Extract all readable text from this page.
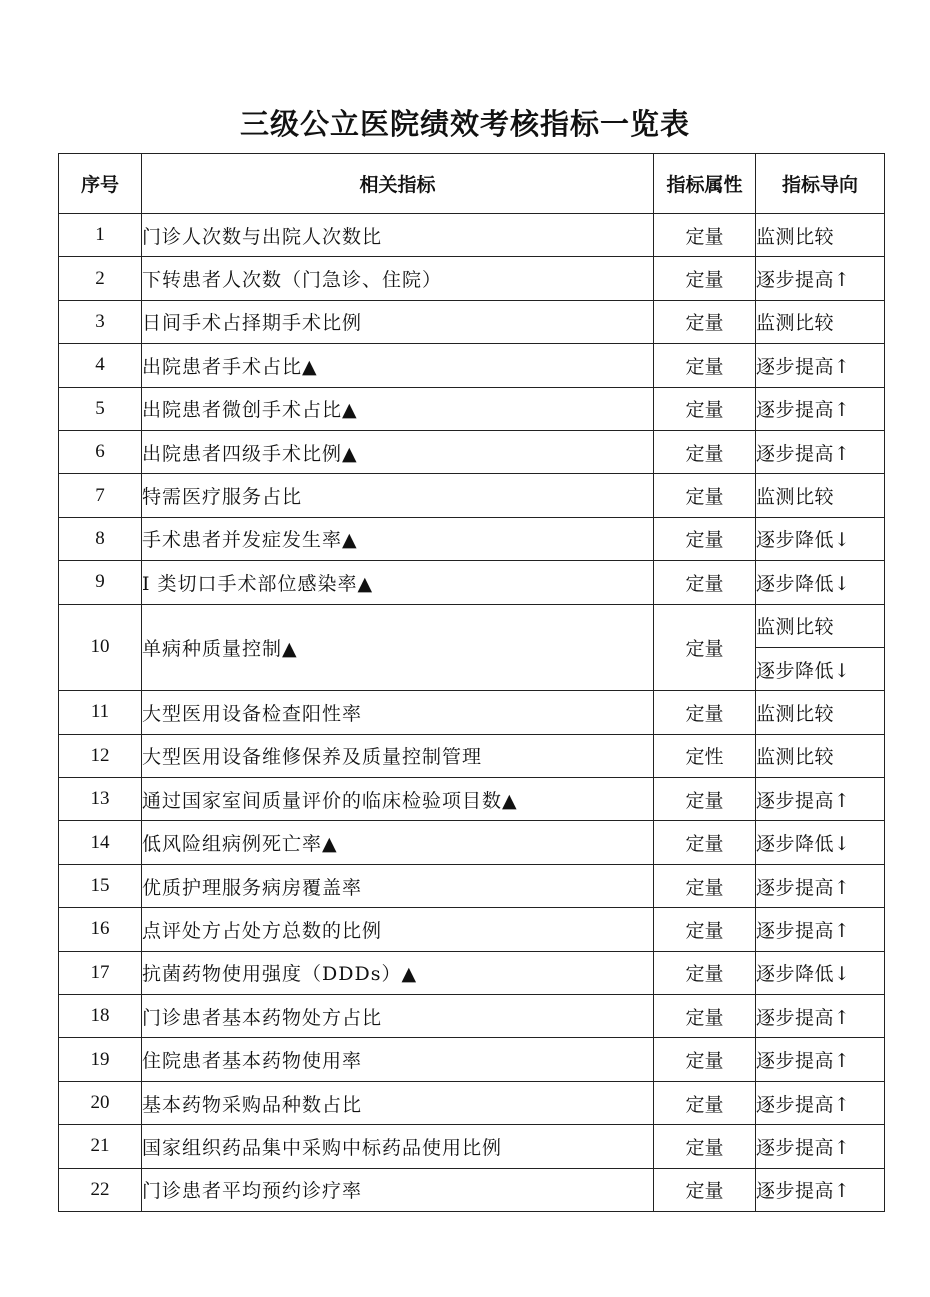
三级公立医院绩效考核指标一览表
序号	相关指标	指标属性	指标导向
1	门诊人次数与出院人次数比	定量	监测比较
2	下转患者人次数（门急诊、住院）	定量	逐步提高↑
3	日间手术占择期手术比例	定量	监测比较
4	出院患者手术占比▲	定量	逐步提高↑
5	出院患者微创手术占比▲	定量	逐步提高↑
6	出院患者四级手术比例▲	定量	逐步提高↑
7	特需医疗服务占比	定量	监测比较
8	手术患者并发症发生率▲	定量	逐步降低↓
9	I 类切口手术部位感染率▲	定量	逐步降低↓
10	单病种质量控制▲	定量	监测比较
			逐步降低↓
11	大型医用设备检查阳性率	定量	监测比较
12	大型医用设备维修保养及质量控制管理	定性	监测比较
13	通过国家室间质量评价的临床检验项目数▲	定量	逐步提高↑
14	低风险组病例死亡率▲	定量	逐步降低↓
15	优质护理服务病房覆盖率	定量	逐步提高↑
16	点评处方占处方总数的比例	定量	逐步提高↑
17	抗菌药物使用强度（DDDs）▲	定量	逐步降低↓
18	门诊患者基本药物处方占比	定量	逐步提高↑
19	住院患者基本药物使用率	定量	逐步提高↑
20	基本药物采购品种数占比	定量	逐步提高↑
21	国家组织药品集中采购中标药品使用比例	定量	逐步提高↑
22	门诊患者平均预约诊疗率	定量	逐步提高↑
